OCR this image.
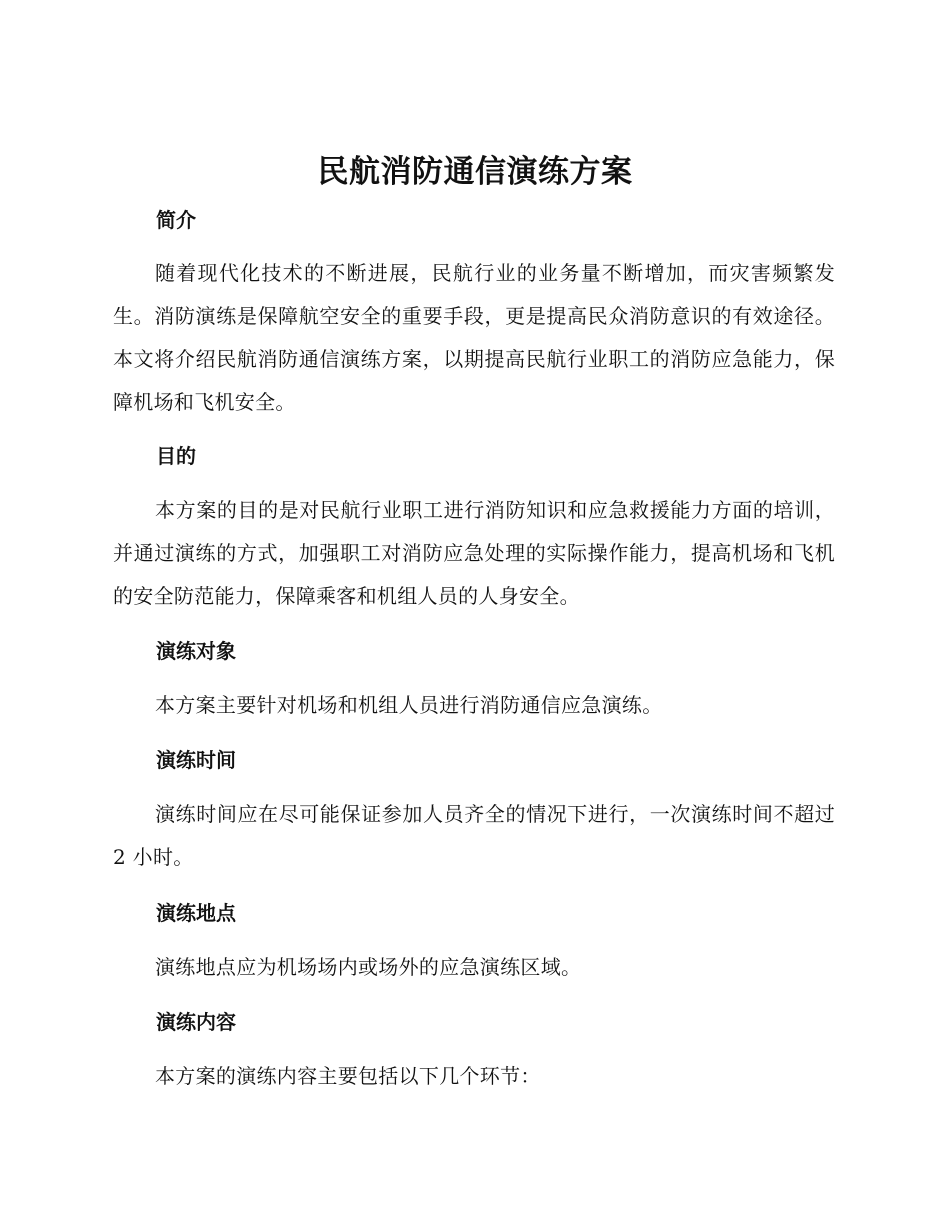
民航消防通信演练方案
简介

随着现代化技术的不断进展，民航行业的业务量不断增加，而灾害频繁发生。消防演练是保障航空安全的重要手段，更是提高民众消防意识的有效途径。本文将介绍民航消防通信演练方案，以期提高民航行业职工的消防应急能力，保障机场和飞机安全。

目的

本方案的目的是对民航行业职工进行消防知识和应急救援能力方面的培训，并通过演练的方式，加强职工对消防应急处理的实际操作能力，提高机场和飞机的安全防范能力，保障乘客和机组人员的人身安全。

演练对象

本方案主要针对机场和机组人员进行消防通信应急演练。

演练时间

演练时间应在尽可能保证参加人员齐全的情况下进行，一次演练时间不超过 2 小时。

演练地点

演练地点应为机场场内或场外的应急演练区域。

演练内容

本方案的演练内容主要包括以下几个环节：
